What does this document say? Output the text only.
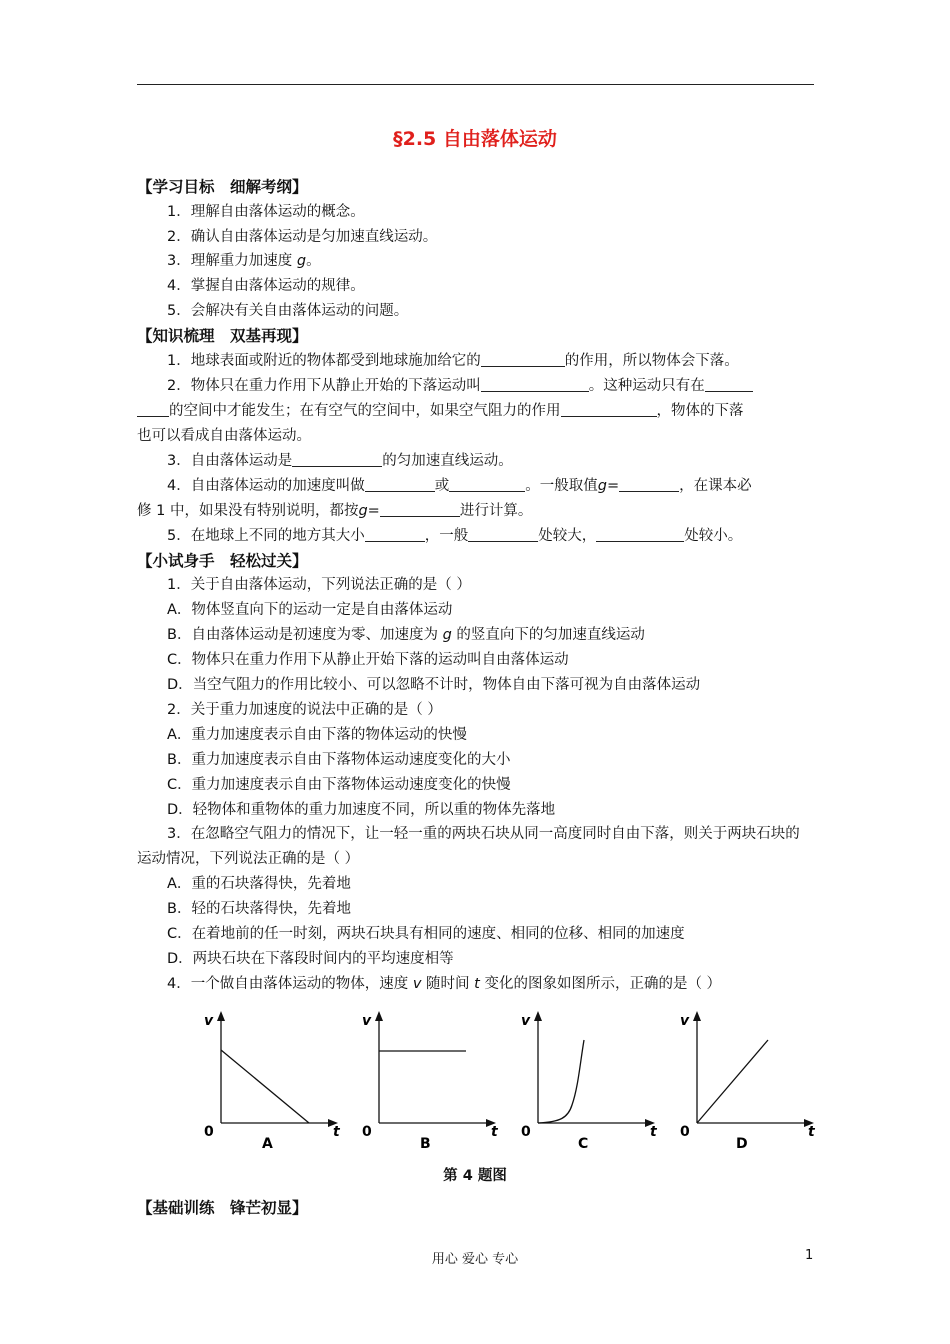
§2.5 自由落体运动
【学习目标　细解考纲】
1．理解自由落体运动的概念。
2．确认自由落体运动是匀加速直线运动。
3．理解重力加速度 g。
4．掌握自由落体运动的规律。
5．会解决有关自由落体运动的问题。
【知识梳理　双基再现】
1．地球表面或附近的物体都受到地球施加给它的	的作用，所以物体会下落。
2．物体只在重力作用下从静止开始的下落运动叫	。这种运动只有在
的空间中才能发生；在有空气的空间中，如果空气阻力的作用	，物体的下落
也可以看成自由落体运动。
3．自由落体运动是	的匀加速直线运动。
4．自由落体运动的加速度叫做	或	。一般取值g=	，在课本必
修 1 中，如果没有特别说明，都按g=	进行计算。
5．在地球上不同的地方其大小	，一般	处较大，	处较小。
【小试身手　轻松过关】
1．关于自由落体运动，下列说法正确的是（ ）
A．物体竖直向下的运动一定是自由落体运动
B．自由落体运动是初速度为零、加速度为 g 的竖直向下的匀加速直线运动
C．物体只在重力作用下从静止开始下落的运动叫自由落体运动
D．当空气阻力的作用比较小、可以忽略不计时，物体自由下落可视为自由落体运动
2．关于重力加速度的说法中正确的是（ ）
A．重力加速度表示自由下落的物体运动的快慢
B．重力加速度表示自由下落物体运动速度变化的大小
C．重力加速度表示自由下落物体运动速度变化的快慢
D．轻物体和重物体的重力加速度不同，所以重的物体先落地
3．在忽略空气阻力的情况下，让一轻一重的两块石块从同一高度同时自由下落，则关于两块石块的运动情况，下列说法正确的是（ ）
A．重的石块落得快，先着地
B．轻的石块落得快，先着地
C．在着地前的任一时刻，两块石块具有相同的速度、相同的位移、相同的加速度
D．两块石块在下落段时间内的平均速度相等
4．一个做自由落体运动的物体，速度 v 随时间 t 变化的图象如图所示，正确的是（ ）
【基础训练　锋芒初显】
v
0	t
A
v
0	t
B
v
0	t
C
v
0	t
D
第 4 题图
用心 爱心 专心	1
